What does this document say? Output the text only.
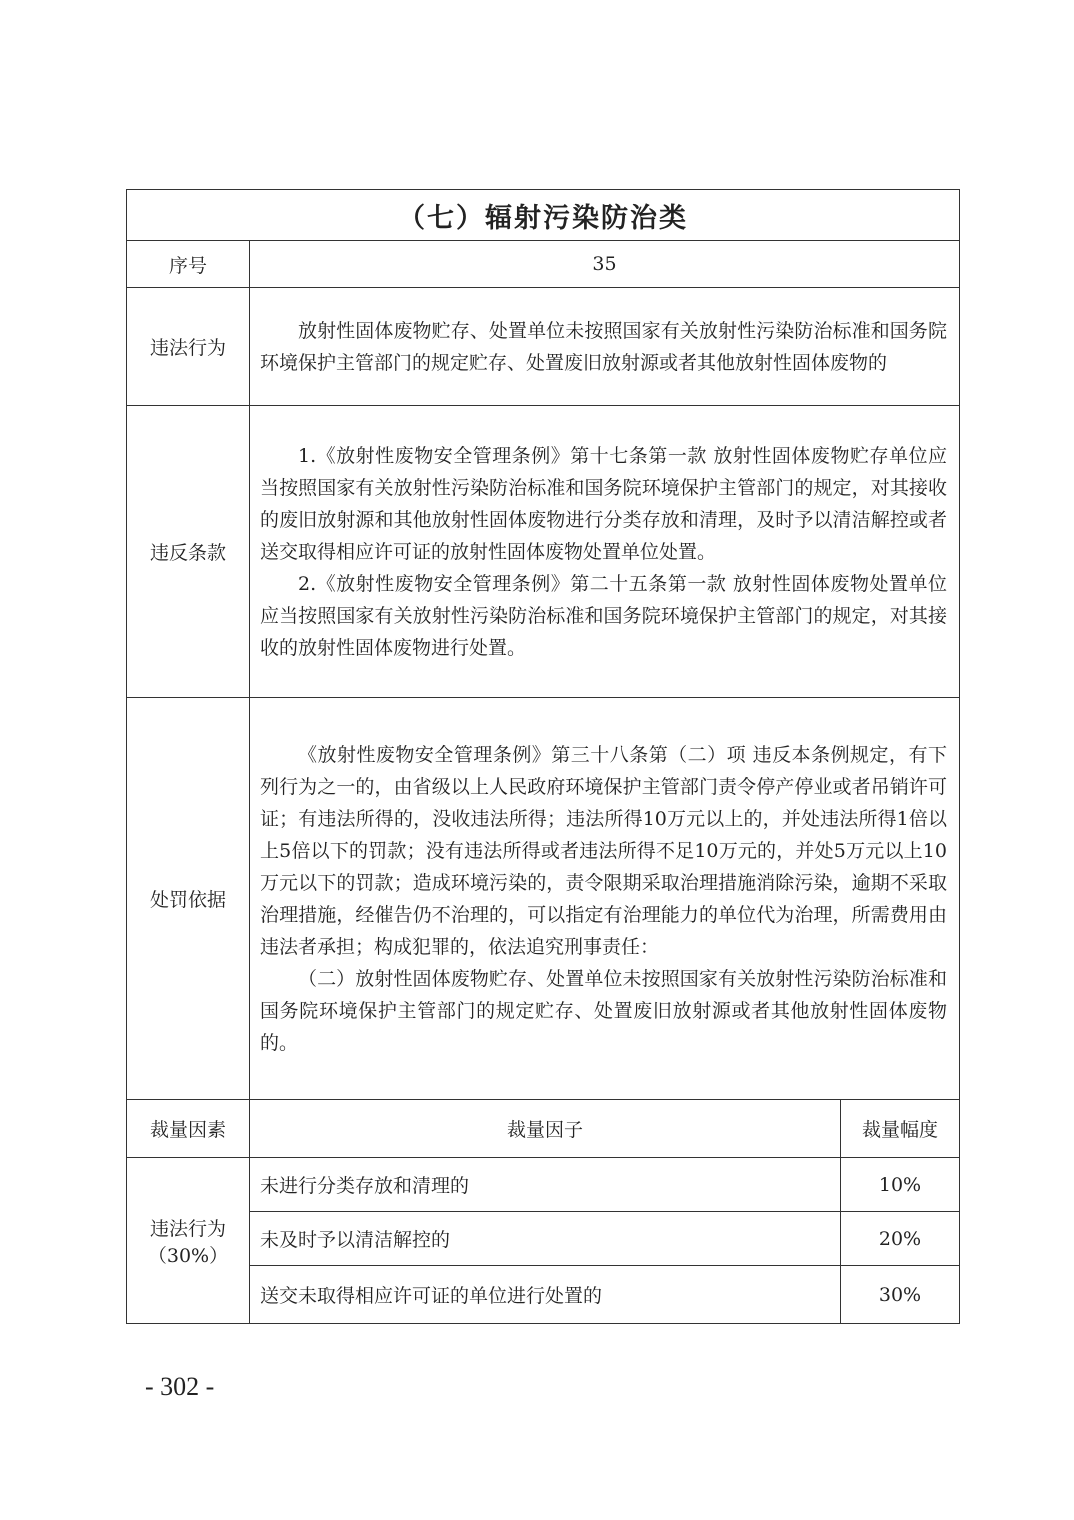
（七）辐射污染防治类		
序号	35	
违法行为	放射性固体废物贮存、处置单位未按照国家有关放射性污染防治标准和国务院环境保护主管部门的规定贮存、处置废旧放射源或者其他放射性固体废物的	

违反条款	1.《放射性废物安全管理条例》第十七条第一款 放射性固体废物贮存单位应当按照国家有关放射性污染防治标准和国务院环境保护主管部门的规定，对其接收的废旧放射源和其他放射性固体废物进行分类存放和清理，及时予以清洁解控或者送交取得相应许可证的放射性固体废物处置单位处置。

2.《放射性废物安全管理条例》第二十五条第一款 放射性固体废物处置单位应当按照国家有关放射性污染防治标准和国务院环境保护主管部门的规定，对其接收的放射性固体废物进行处置。	

处罚依据	《放射性废物安全管理条例》第三十八条第（二）项 违反本条例规定，有下列行为之一的，由省级以上人民政府环境保护主管部门责令停产停业或者吊销许可证；有违法所得的，没收违法所得；违法所得10万元以上的，并处违法所得1倍以上5倍以下的罚款；没有违法所得或者违法所得不足10万元的，并处5万元以上10万元以下的罚款；造成环境污染的，责令限期采取治理措施消除污染，逾期不采取治理措施，经催告仍不治理的，可以指定有治理能力的单位代为治理，所需费用由违法者承担；构成犯罪的，依法追究刑事责任：

（二）放射性固体废物贮存、处置单位未按照国家有关放射性污染防治标准和国务院环境保护主管部门的规定贮存、处置废旧放射源或者其他放射性固体废物的。	

裁量因素	裁量因子	裁量幅度

违法行为
（30%）	未进行分类存放和清理的	10%
	未及时予以清洁解控的	20%
	送交未取得相应许可证的单位进行处置的	30%
- 302 -
